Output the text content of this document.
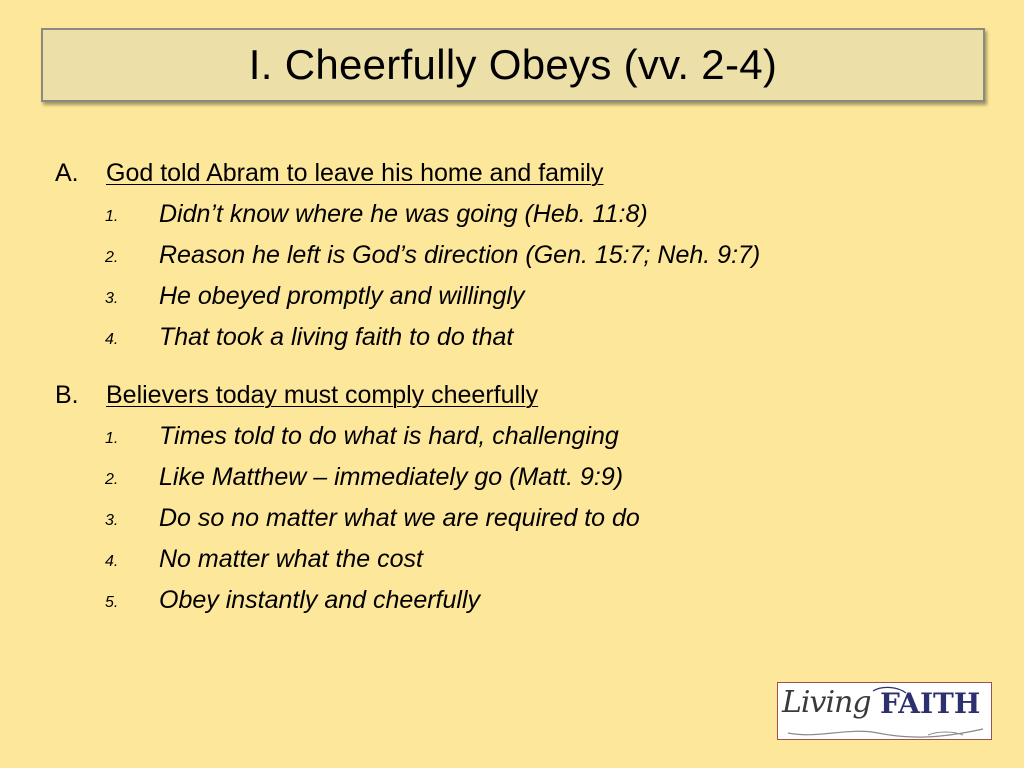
I. Cheerfully Obeys (vv. 2-4)
A. God told Abram to leave his home and family
1. Didn’t know where he was going (Heb. 11:8)
2. Reason he left is God’s direction (Gen. 15:7; Neh. 9:7)
3. He obeyed promptly and willingly
4. That took a living faith to do that
B. Believers today must comply cheerfully
1. Times told to do what is hard, challenging
2. Like Matthew – immediately go (Matt. 9:9)
3. Do so no matter what we are required to do
4. No matter what the cost
5. Obey instantly and cheerfully
Living FAITH
